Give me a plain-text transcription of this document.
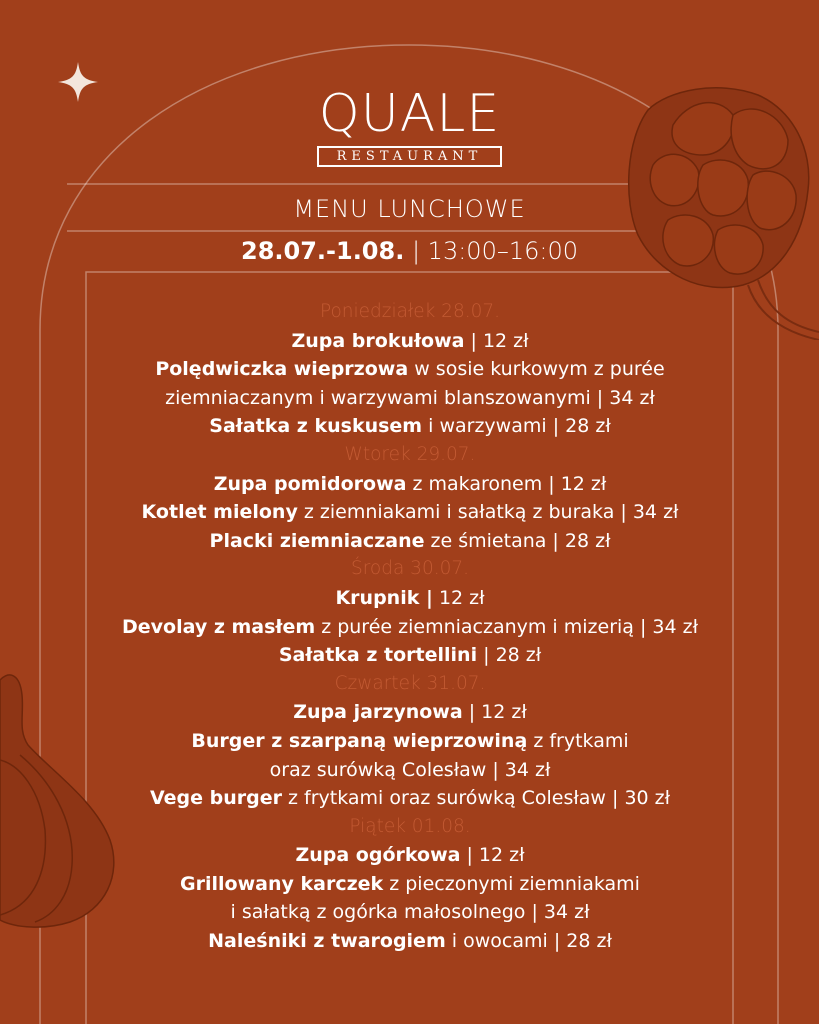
QUALE
RESTAURANT
MENU LUNCHOWE
28.07.-1.08. | 13:00–16:00
Poniedziałek 28.07.
Zupa brokułowa | 12 zł
Polędwiczka wieprzowa w sosie kurkowym z purée
ziemniaczanym i warzywami blanszowanymi | 34 zł
Sałatka z kuskusem i warzywami | 28 zł
Wtorek 29.07.
Zupa pomidorowa z makaronem | 12 zł
Kotlet mielony z ziemniakami i sałatką z buraka | 34 zł
Placki ziemniaczane ze śmietana | 28 zł
Środa 30.07.
Krupnik | 12 zł
Devolay z masłem z purée ziemniaczanym i mizerią | 34 zł
Sałatka z tortellini | 28 zł
Czwartek 31.07.
Zupa jarzynowa | 12 zł
Burger z szarpaną wieprzowiną z frytkami
oraz surówką Colesław | 34 zł
Vege burger z frytkami oraz surówką Colesław | 30 zł
Piątek 01.08.
Zupa ogórkowa | 12 zł
Grillowany karczek z pieczonymi ziemniakami
i sałatką z ogórka małosolnego | 34 zł
Naleśniki z twarogiem i owocami | 28 zł
